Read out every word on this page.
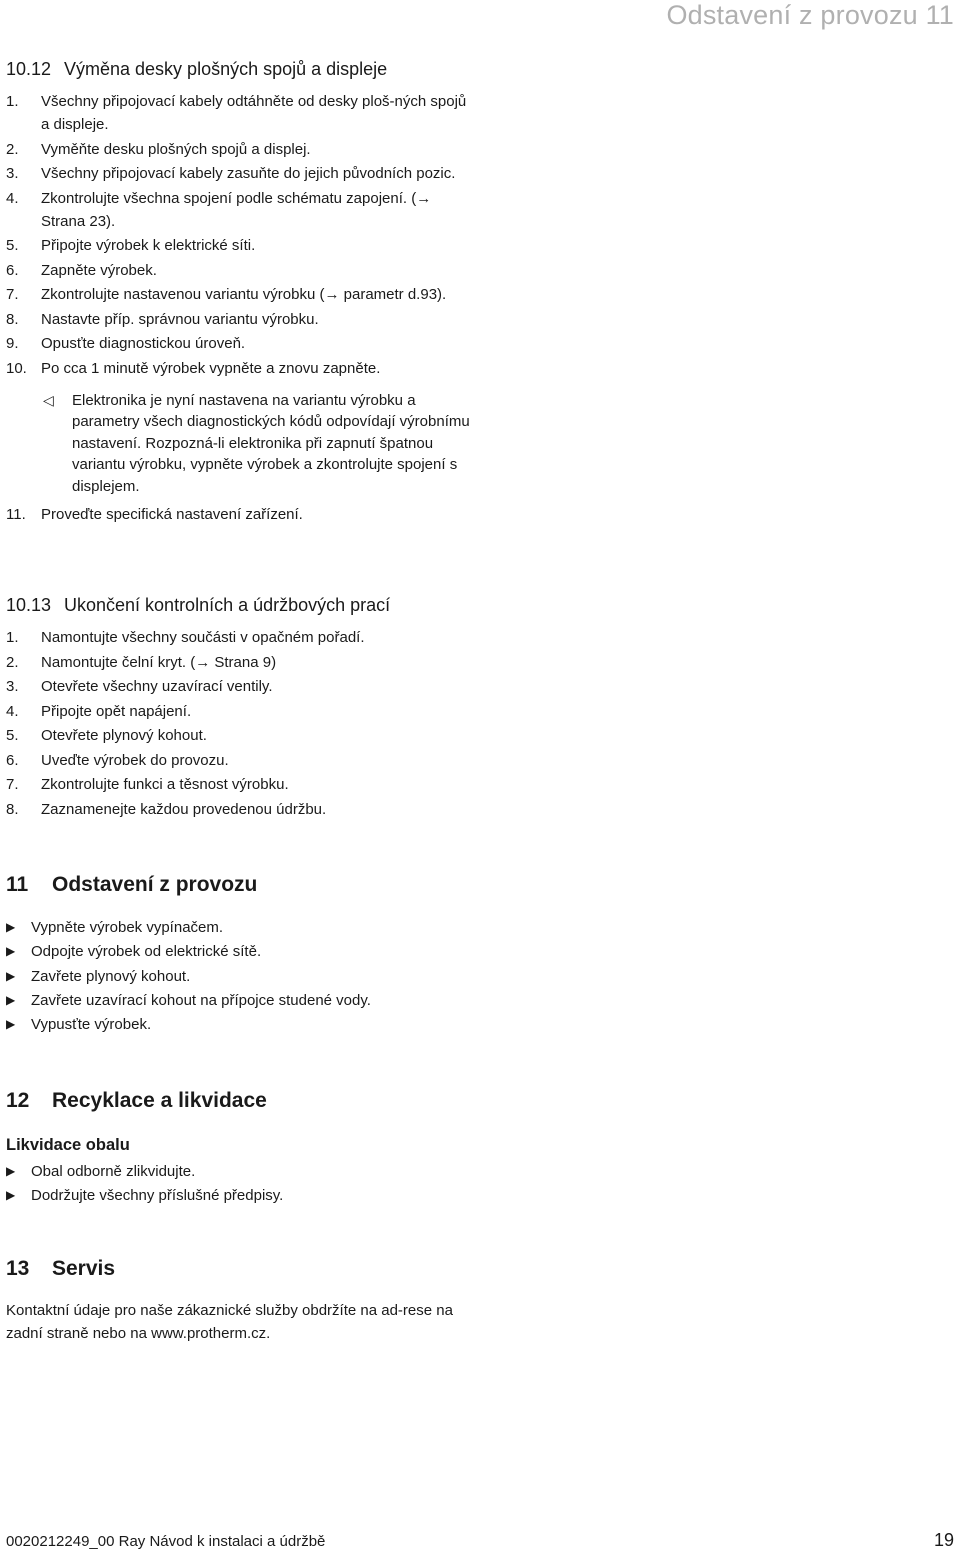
Odstavení z provozu 11
10.12 Výměna desky plošných spojů a displeje
1. Všechny připojovací kabely odtáhněte od desky ploš-ných spojů a displeje.
2. Vyměňte desku plošných spojů a displej.
3. Všechny připojovací kabely zasuňte do jejich původních pozic.
4. Zkontrolujte všechna spojení podle schématu zapojení. (→ Strana 23).
5. Připojte výrobek k elektrické síti.
6. Zapněte výrobek.
7. Zkontrolujte nastavenou variantu výrobku (→ parametr d.93).
8. Nastavte příp. správnou variantu výrobku.
9. Opusťte diagnostickou úroveň.
10. Po cca 1 minutě výrobek vypněte a znovu zapněte.
◁ Elektronika je nyní nastavena na variantu výrobku a parametry všech diagnostických kódů odpovídají výrobnímu nastavení. Rozpozná-li elektronika při zapnutí špatnou variantu výrobku, vypněte výrobek a zkontrolujte spojení s displejem.
11. Proveďte specifická nastavení zařízení.
10.13 Ukončení kontrolních a údržbových prací
1. Namontujte všechny součásti v opačném pořadí.
2. Namontujte čelní kryt. (→ Strana 9)
3. Otevřete všechny uzavírací ventily.
4. Připojte opět napájení.
5. Otevřete plynový kohout.
6. Uveďte výrobek do provozu.
7. Zkontrolujte funkci a těsnost výrobku.
8. Zaznamenejte každou provedenou údržbu.
11 Odstavení z provozu
▶ Vypněte výrobek vypínačem.
▶ Odpojte výrobek od elektrické sítě.
▶ Zavřete plynový kohout.
▶ Zavřete uzavírací kohout na přípojce studené vody.
▶ Vypusťte výrobek.
12 Recyklace a likvidace
Likvidace obalu
▶ Obal odborně zlikvidujte.
▶ Dodržujte všechny příslušné předpisy.
13 Servis

Kontaktní údaje pro naše zákaznické služby obdržíte na ad-rese na zadní straně nebo na www.protherm.cz.

0020212249_00 Ray Návod k instalaci a údržbě	19
